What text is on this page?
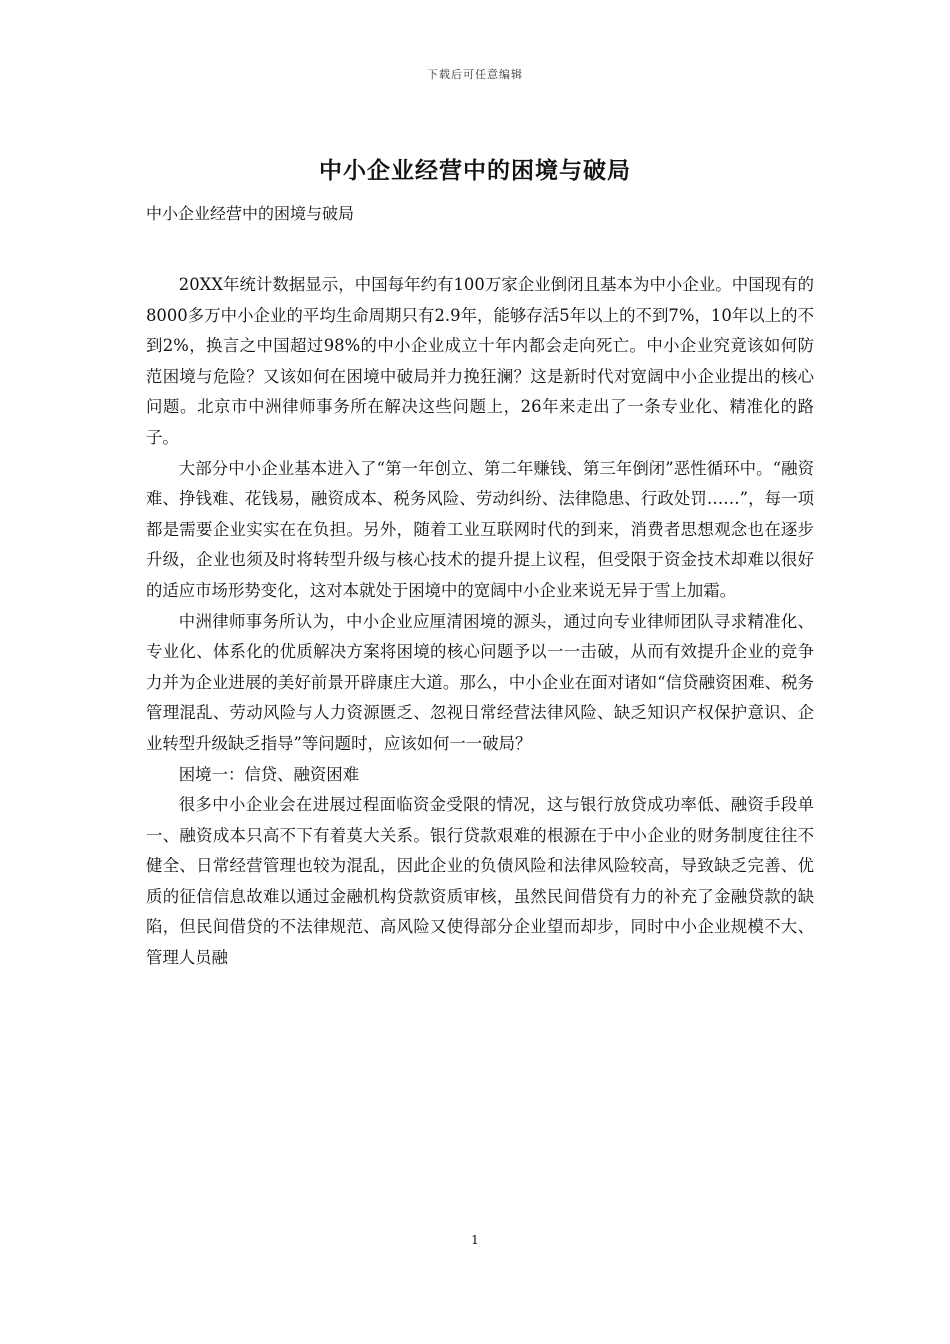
下载后可任意编辑
中小企业经营中的困境与破局
中小企业经营中的困境与破局

20XX年统计数据显示，中国每年约有100万家企业倒闭且基本为中小企业。中国现有的8000多万中小企业的平均生命周期只有2.9年，能够存活5年以上的不到7%，10年以上的不到2%，换言之中国超过98%的中小企业成立十年内都会走向死亡。中小企业究竟该如何防范困境与危险？又该如何在困境中破局并力挽狂澜？这是新时代对宽阔中小企业提出的核心问题。北京市中洲律师事务所在解决这些问题上，26年来走出了一条专业化、精准化的路子。

大部分中小企业基本进入了“第一年创立、第二年赚钱、第三年倒闭”恶性循环中。“融资难、挣钱难、花钱易，融资成本、税务风险、劳动纠纷、法律隐患、行政处罚……”，每一项都是需要企业实实在在负担。另外，随着工业互联网时代的到来，消费者思想观念也在逐步升级，企业也须及时将转型升级与核心技术的提升提上议程，但受限于资金技术却难以很好的适应市场形势变化，这对本就处于困境中的宽阔中小企业来说无异于雪上加霜。

中洲律师事务所认为，中小企业应厘清困境的源头，通过向专业律师团队寻求精准化、专业化、体系化的优质解决方案将困境的核心问题予以一一击破，从而有效提升企业的竞争力并为企业进展的美好前景开辟康庄大道。那么，中小企业在面对诸如“信贷融资困难、税务管理混乱、劳动风险与人力资源匮乏、忽视日常经营法律风险、缺乏知识产权保护意识、企业转型升级缺乏指导”等问题时，应该如何一一破局？

困境一：信贷、融资困难

很多中小企业会在进展过程面临资金受限的情况，这与银行放贷成功率低、融资手段单一、融资成本只高不下有着莫大关系。银行贷款艰难的根源在于中小企业的财务制度往往不健全、日常经营管理也较为混乱，因此企业的负债风险和法律风险较高，导致缺乏完善、优质的征信信息故难以通过金融机构贷款资质审核，虽然民间借贷有力的补充了金融贷款的缺陷，但民间借贷的不法律规范、高风险又使得部分企业望而却步，同时中小企业规模不大、管理人员融

1
